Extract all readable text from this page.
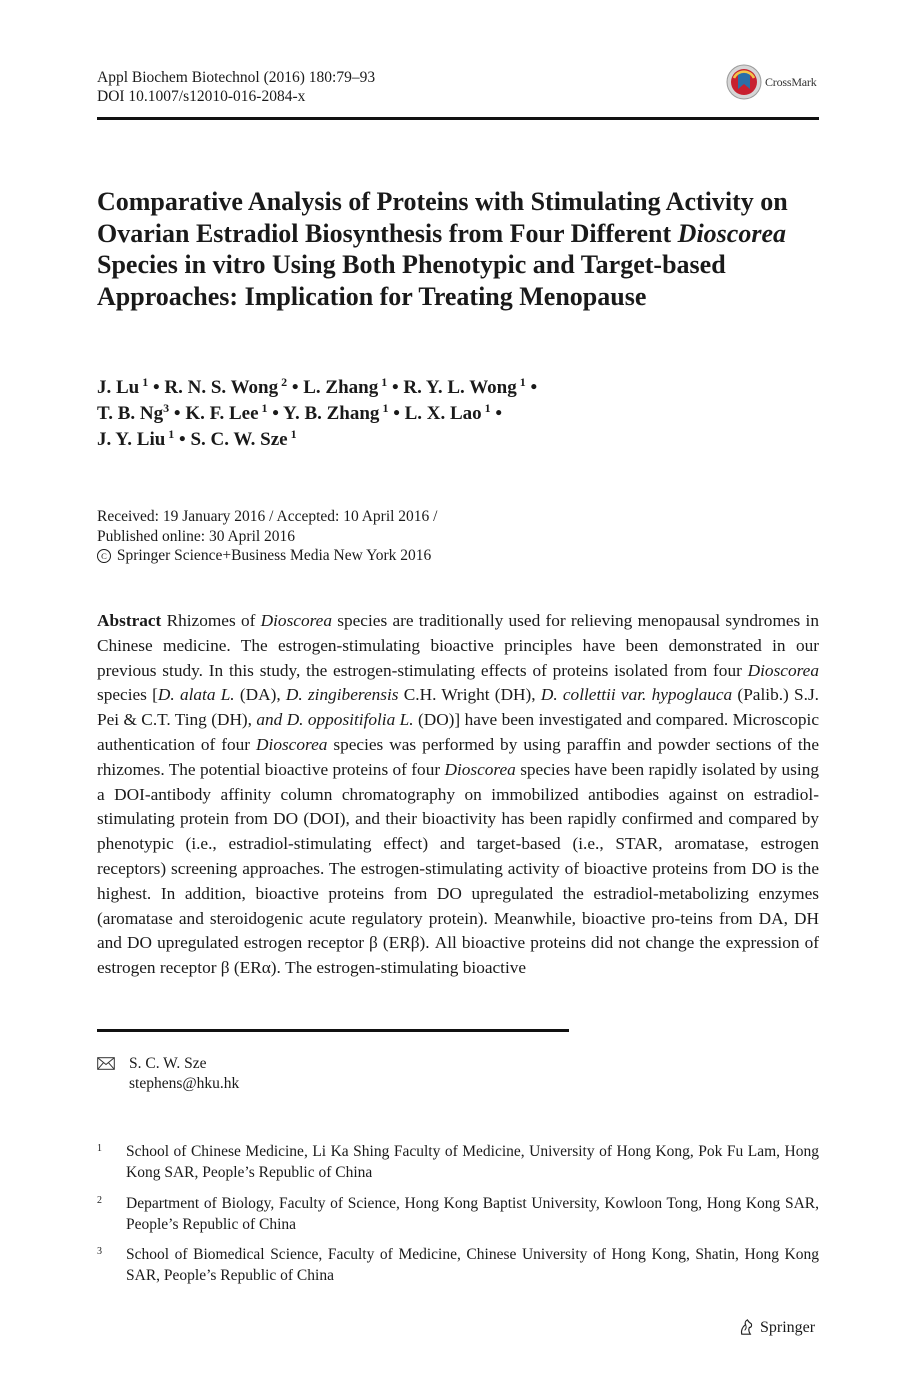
Appl Biochem Biotechnol (2016) 180:79–93
DOI 10.1007/s12010-016-2084-x
CrossMark
Comparative Analysis of Proteins with Stimulating Activity on Ovarian Estradiol Biosynthesis from Four Different Dioscorea Species in vitro Using Both Phenotypic and Target-based Approaches: Implication for Treating Menopause
J. Lu $^1$ • R. N. S. Wong $^2$ • L. Zhang $^1$ • R. Y. L. Wong $^1$ •
T. B. Ng$^3$ • K. F. Lee $^1$ • Y. B. Zhang $^1$ • L. X. Lao $^1$ •
J. Y. Liu $^1$ • S. C. W. Sze $^1$
Received: 19 January 2016 / Accepted: 10 April 2016 /
Published online: 30 April 2016
C Springer Science+Business Media New York 2016

Abstract Rhizomes of Dioscorea species are traditionally used for relieving menopausal syndromes in Chinese medicine. The estrogen-stimulating bioactive principles have been demonstrated in our previous study. In this study, the estrogen-stimulating effects of proteins isolated from four Dioscorea species [D. alata L. (DA), D. zingiberensis C.H. Wright (DH), D. collettii var. hypoglauca (Palib.) S.J. Pei & C.T. Ting (DH), and D. oppositifolia L. (DO)] have been investigated and compared. Microscopic authentication of four Dioscorea species was performed by using paraffin and powder sections of the rhizomes. The potential bioactive proteins of four Dioscorea species have been rapidly isolated by using a DOI-antibody affinity column chromatography on immobilized antibodies against on estradiol-stimulating protein from DO (DOI), and their bioactivity has been rapidly confirmed and compared by phenotypic (i.e., estradiol-stimulating effect) and target-based (i.e., STAR, aromatase, estrogen receptors) screening approaches. The estrogen-stimulating activity of bioactive proteins from DO is the highest. In addition, bioactive proteins from DO upregulated the estradiol-metabolizing enzymes (aromatase and steroidogenic acute regulatory protein). Meanwhile, bioactive pro-teins from DA, DH and DO upregulated estrogen receptor β (ERβ). All bioactive proteins did not change the expression of estrogen receptor β (ERα). The estrogen-stimulating bioactive

S. C. W. Sze
stephens@hku.hk
1 School of Chinese Medicine, Li Ka Shing Faculty of Medicine, University of Hong Kong, Pok Fu Lam, Hong Kong SAR, People’s Republic of China
2 Department of Biology, Faculty of Science, Hong Kong Baptist University, Kowloon Tong, Hong Kong SAR, People’s Republic of China
3 School of Biomedical Science, Faculty of Medicine, Chinese University of Hong Kong, Shatin, Hong Kong SAR, People’s Republic of China
Springer
